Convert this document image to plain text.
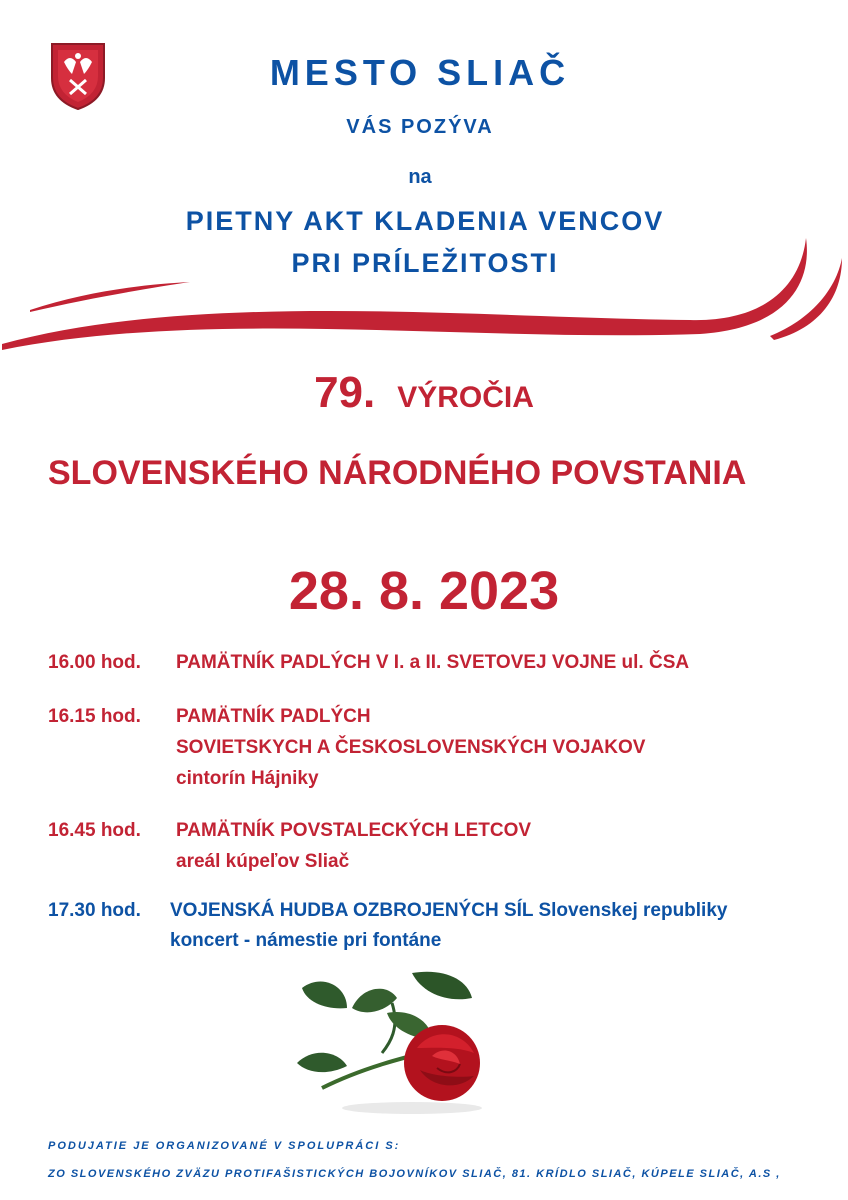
MESTO SLIAČ
VÁS POZÝVA
na
PIETNY AKT KLADENIA VENCOV
PRI PRÍLEŽITOSTI
79. VÝROČIA
SLOVENSKÉHO NÁRODNÉHO POVSTANIA
28. 8. 2023
16.00 hod. PAMÄTNÍK PADLÝCH V I. a II. SVETOVEJ VOJNE ul. ČSA
16.15 hod. PAMÄTNÍK PADLÝCH
SOVIETSKYCH A ČESKOSLOVENSKÝCH VOJAKOV
cintorín Hájniky
16.45 hod. PAMÄTNÍK POVSTALECKÝCH LETCOV
areál kúpeľov Sliač
17.30 hod. VOJENSKÁ HUDBA OZBROJENÝCH SÍL Slovenskej republiky
koncert - námestie pri fontáne
PODUJATIE JE ORGANIZOVANÉ V SPOLUPRÁCI S:
ZO SLOVENSKÉHO ZVÄZU PROTIFAŠISTICKÝCH BOJOVNÍKOV SLIAČ, 81. KRÍDLO SLIAČ, KÚPELE SLIAČ, A.S ,
